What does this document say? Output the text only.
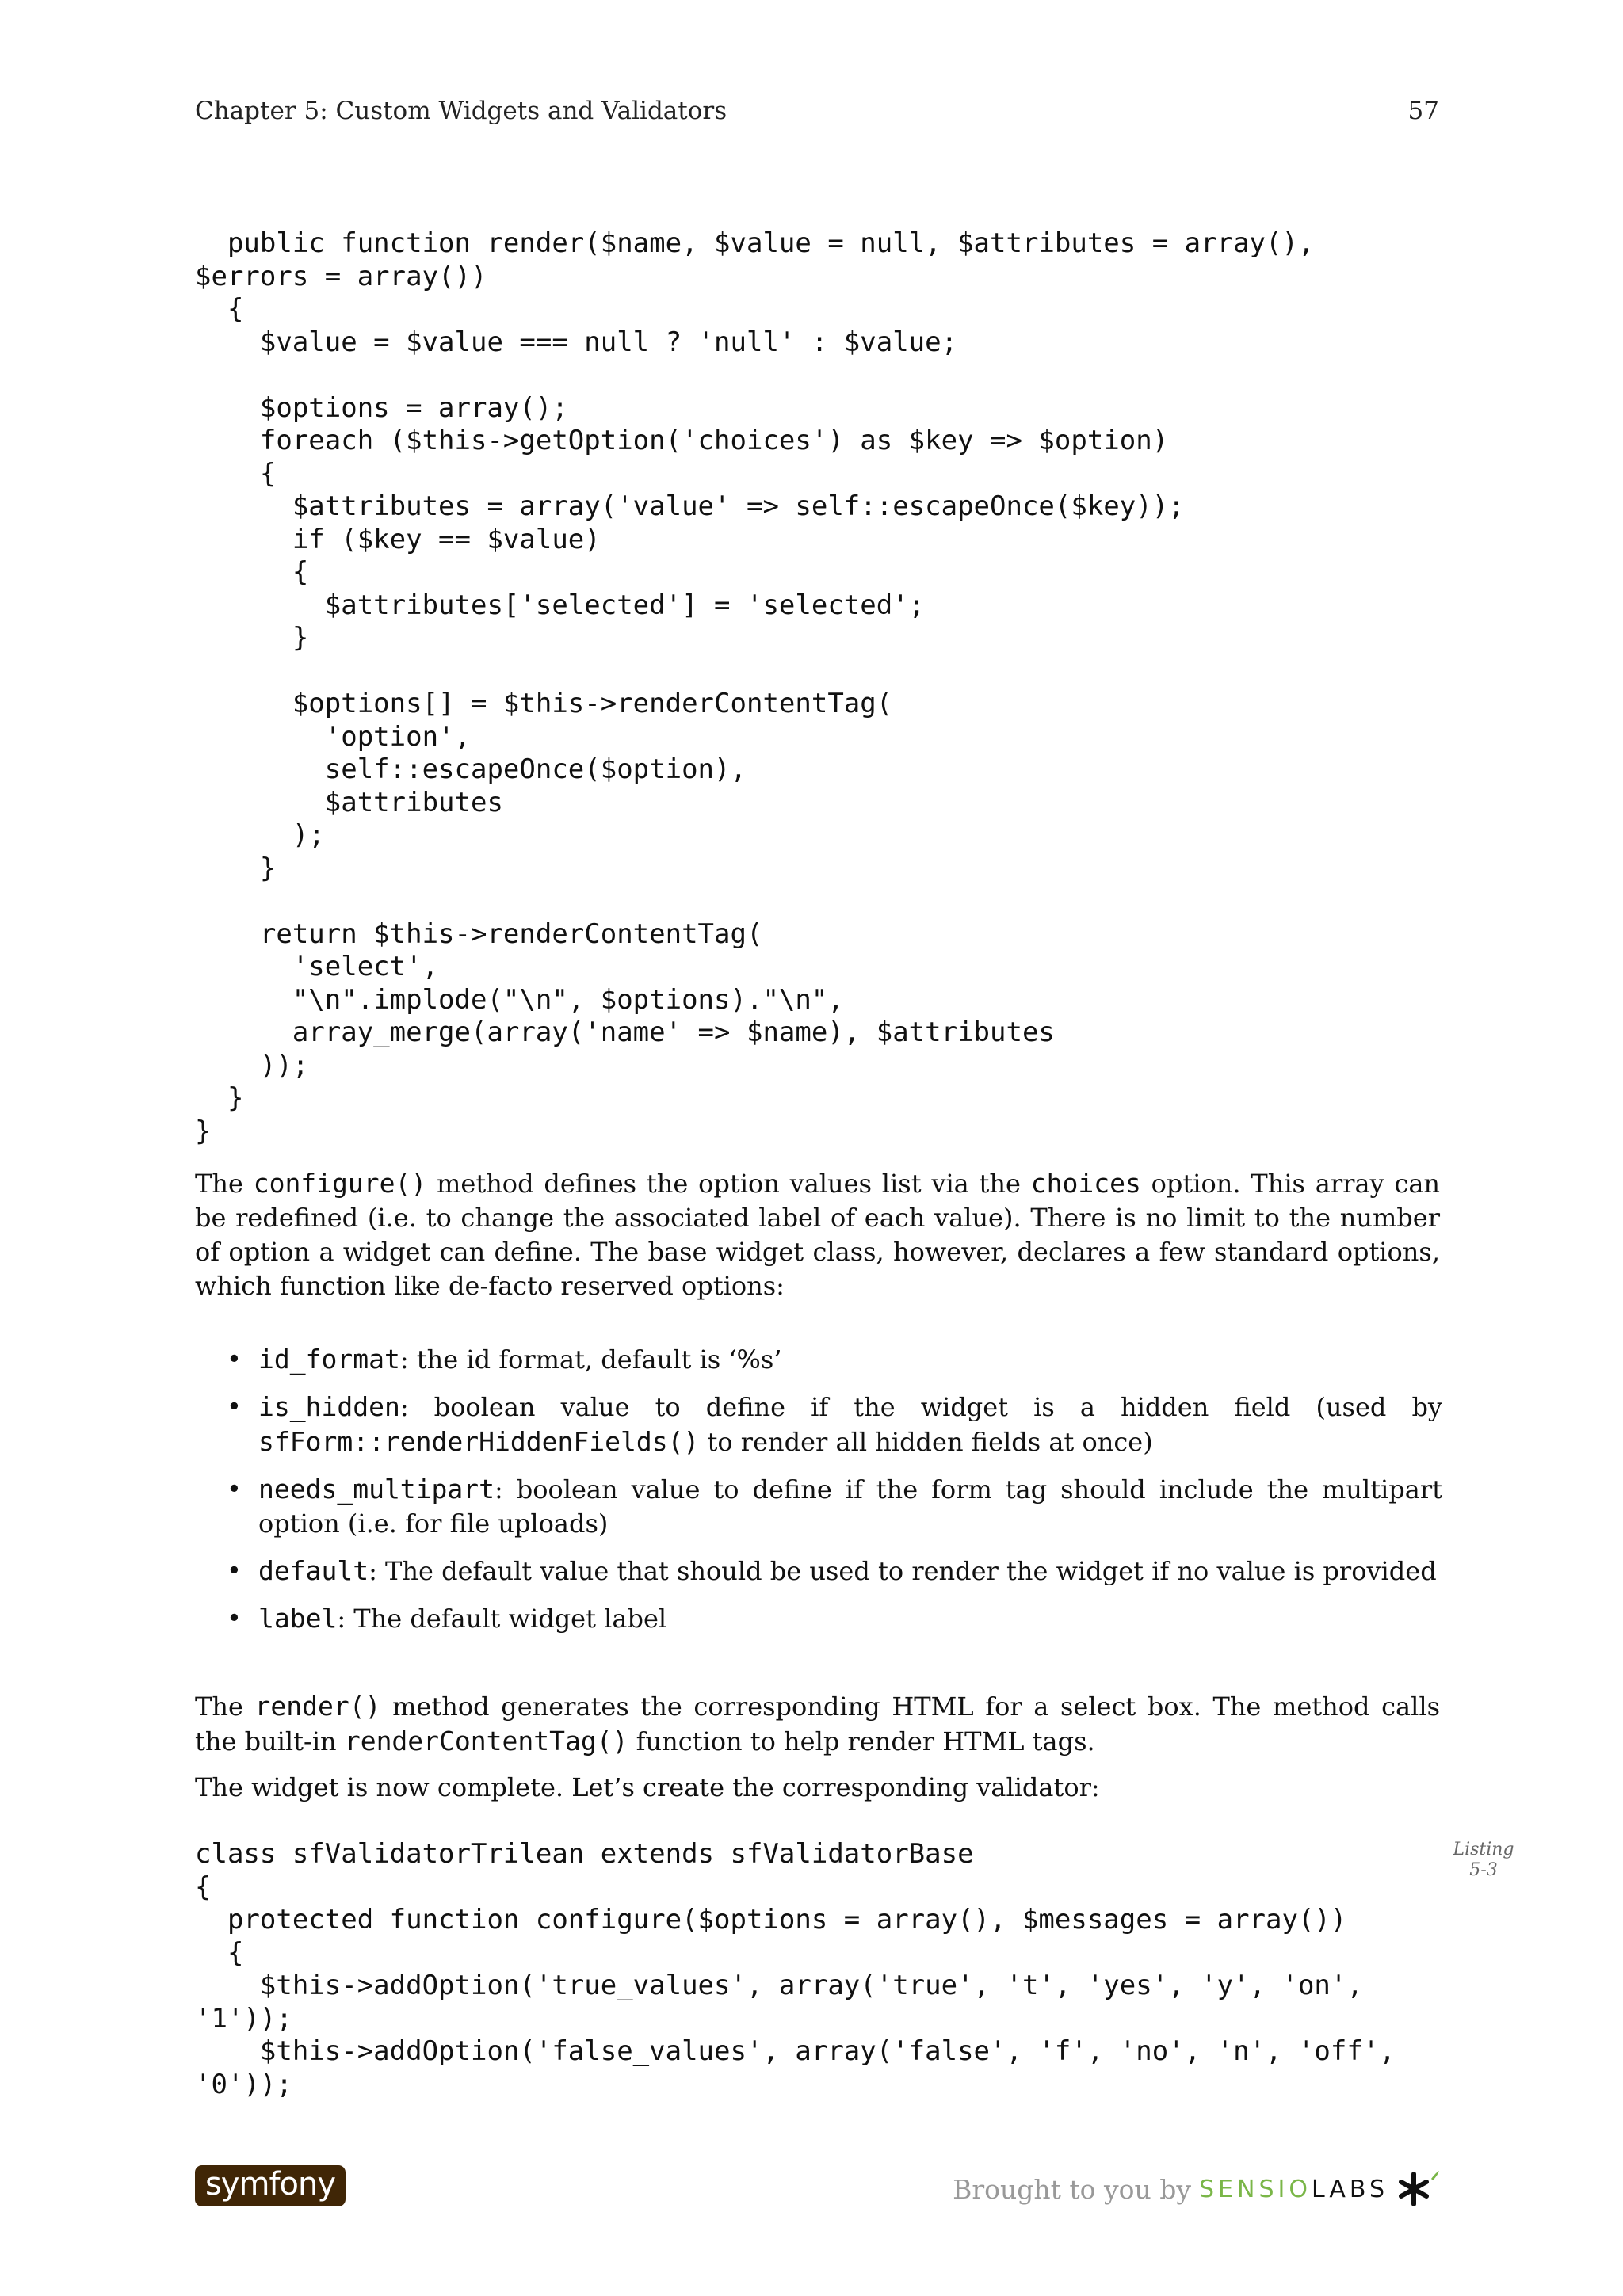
Chapter 5: Custom Widgets and Validators	57
public function render($name, $value = null, $attributes = array(),
$errors = array())
{
$value = $value === null ? 'null' : $value;
$options = array();
foreach ($this->getOption('choices') as $key => $option)
{
$attributes = array('value' => self::escapeOnce($key));
if ($key == $value)
{
$attributes['selected'] = 'selected';
}
$options[] = $this->renderContentTag(
'option',
self::escapeOnce($option),
$attributes
);
}
return $this->renderContentTag(
'select',
"\n".implode("\n", $options)."\n",
array_merge(array('name' => $name), $attributes
));
}
}

The configure() method defines the option values list via the choices option. This array can be redefined (i.e. to change the associated label of each value). There is no limit to the number of option a widget can define. The base widget class, however, declares a few standard options, which function like de-facto reserved options:

• id_format: the id format, default is ‘%s’
• is_hidden: boolean value to define if the widget is a hidden field (used by sfForm::renderHiddenFields() to render all hidden fields at once)
• needs_multipart: boolean value to define if the form tag should include the multipart option (i.e. for file uploads)
• default: The default value that should be used to render the widget if no value is provided
• label: The default widget label

The render() method generates the corresponding HTML for a select box. The method calls the built-in renderContentTag() function to help render HTML tags.

The widget is now complete. Let’s create the corresponding validator:

Listing
5-3
class sfValidatorTrilean extends sfValidatorBase
{
protected function configure($options = array(), $messages = array())
{
$this->addOption('true_values', array('true', 't', 'yes', 'y', 'on',
'1'));
$this->addOption('false_values', array('false', 'f', 'no', 'n', 'off',
'0'));
symfony	Brought to you by SENSIO LABS
